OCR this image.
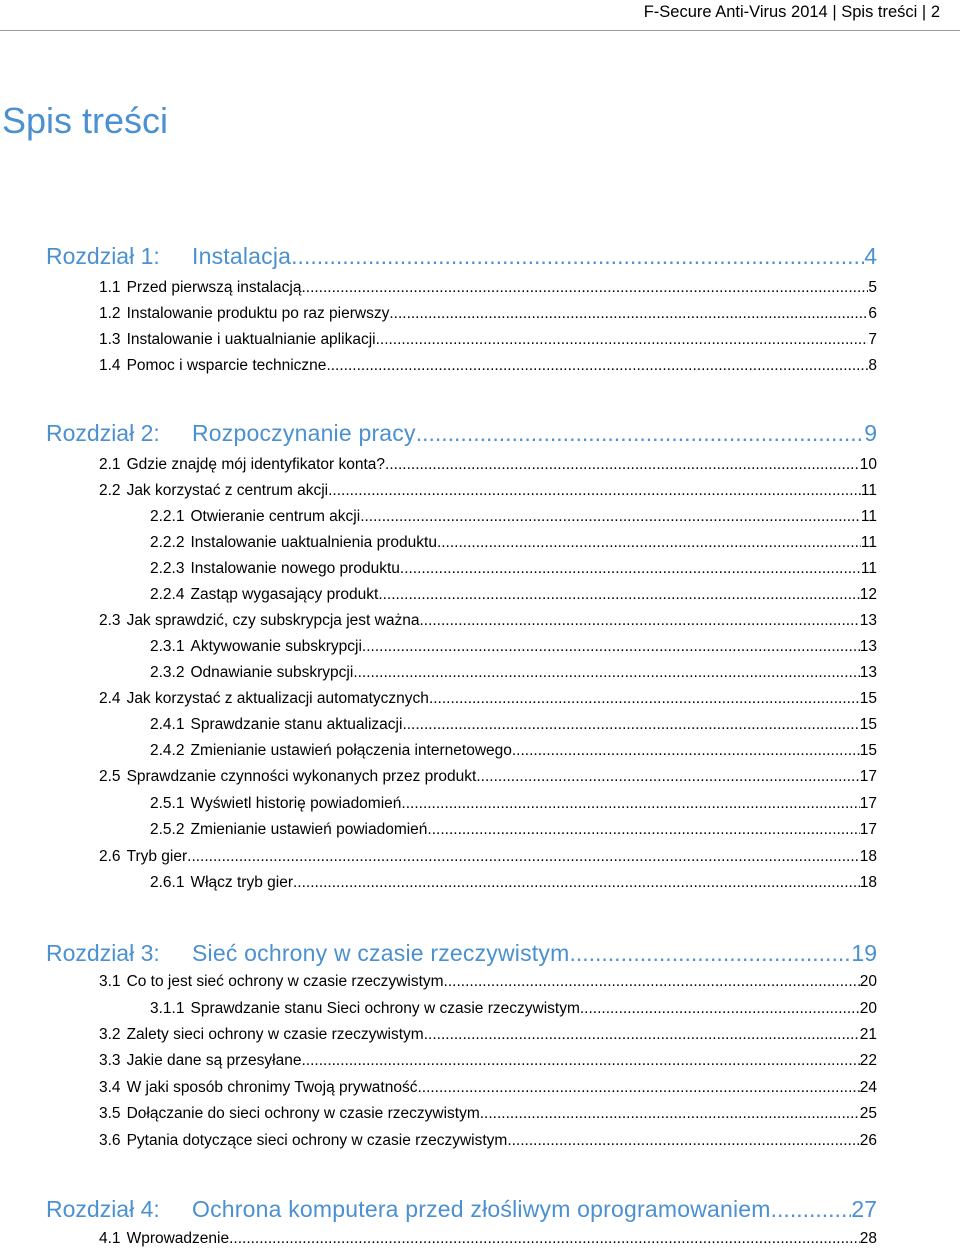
F-Secure Anti-Virus 2014 | Spis treści | 2
Spis treści
Rozdział 1:	Instalacja .....	4
1.1 Przed pierwszą instalacją .....	5
1.2 Instalowanie produktu po raz pierwszy .....	6
1.3 Instalowanie i uaktualnianie aplikacji .....	7
1.4 Pomoc i wsparcie techniczne .....	8
Rozdział 2:	Rozpoczynanie pracy .....	9
2.1 Gdzie znajdę mój identyfikator konta? .....	10
2.2 Jak korzystać z centrum akcji .....	11
2.2.1 Otwieranie centrum akcji .....	11
2.2.2 Instalowanie uaktualnienia produktu .....	11
2.2.3 Instalowanie nowego produktu .....	11
2.2.4 Zastąp wygasający produkt .....	12
2.3 Jak sprawdzić, czy subskrypcja jest ważna .....	13
2.3.1 Aktywowanie subskrypcji .....	13
2.3.2 Odnawianie subskrypcji .....	13
2.4 Jak korzystać z aktualizacji automatycznych .....	15
2.4.1 Sprawdzanie stanu aktualizacji .....	15
2.4.2 Zmienianie ustawień połączenia internetowego .....	15
2.5 Sprawdzanie czynności wykonanych przez produkt .....	17
2.5.1 Wyświetl historię powiadomień .....	17
2.5.2 Zmienianie ustawień powiadomień .....	17
2.6 Tryb gier .....	18
2.6.1 Włącz tryb gier .....	18
Rozdział 3:	Sieć ochrony w czasie rzeczywistym .....	19
3.1 Co to jest sieć ochrony w czasie rzeczywistym .....	20
3.1.1 Sprawdzanie stanu Sieci ochrony w czasie rzeczywistym .....	20
3.2 Zalety sieci ochrony w czasie rzeczywistym .....	21
3.3 Jakie dane są przesyłane .....	22
3.4 W jaki sposób chronimy Twoją prywatność .....	24
3.5 Dołączanie do sieci ochrony w czasie rzeczywistym .....	25
3.6 Pytania dotyczące sieci ochrony w czasie rzeczywistym .....	26
Rozdział 4:	Ochrona komputera przed złośliwym oprogramowaniem .....	27
4.1 Wprowadzenie .....	28
